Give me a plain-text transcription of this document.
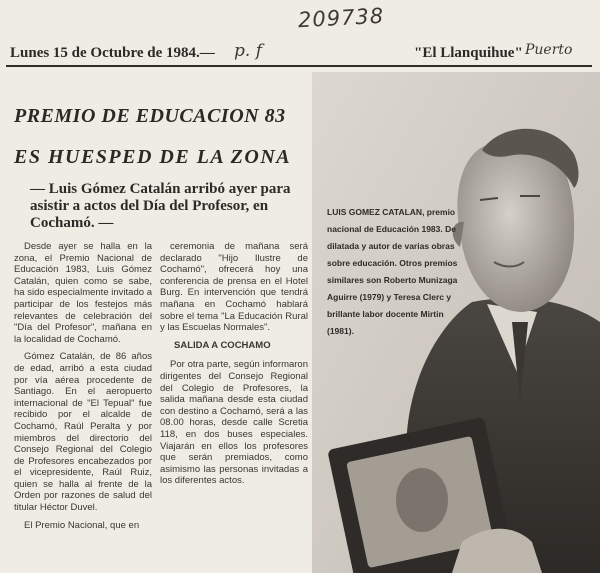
209738
Lunes 15 de Octubre de 1984.— p. f	"El Llanquihue" Puerto
PREMIO DE EDUCACION 83
ES HUESPED DE LA ZONA
— Luis Gómez Catalán arribó ayer para asistir a actos del Día del Profesor, en Cochamó. —

Desde ayer se halla en la zona, el Premio Nacional de Educación 1983, Luis Gómez Catalán, quien como se sabe, ha sido especialmente invitado a participar de los festejos más relevantes de celebración del "Día del Profesor", mañana en la localidad de Cochamó.

Gómez Catalán, de 86 años de edad, arribó a esta ciudad por vía aérea procedente de Santiago. En el aeropuerto internacional de "El Tepual" fue recibido por el alcalde de Cochamó, Raúl Peralta y por miembros del directorio del Consejo Regional del Colegio de Profesores encabezados por el vicepresidente, Raúl Ruiz, quien se halla al frente de la Orden por razones de salud del titular Héctor Duvel.

El Premio Nacional, que en

ceremonia de mañana será declarado "Hijo Ilustre de Cochamó", ofrecerá hoy una conferencia de prensa en el Hotel Burg. En intervención que tendrá mañana en Cochamó hablará sobre el tema "La Educación Rural y las Escuelas Normales".

SALIDA A COCHAMO

Por otra parte, según informaron dirigentes del Consejo Regional del Colegio de Profesores, la salida mañana desde esta ciudad con destino a Cochamó, será a las 08.00 horas, desde calle Scretia 118, en dos buses especiales. Viajarán en ellos los profesores que serán premiados, como asimismo las personas invitadas a los diferentes actos.

LUIS GOMEZ CATALAN, premio nacional de Educación 1983. De dilatada y autor de varias obras sobre educación. Otros premios similares son Roberto Munizaga Aguirre (1979) y Teresa Clerc y brillante labor docente Mirtin (1981).
